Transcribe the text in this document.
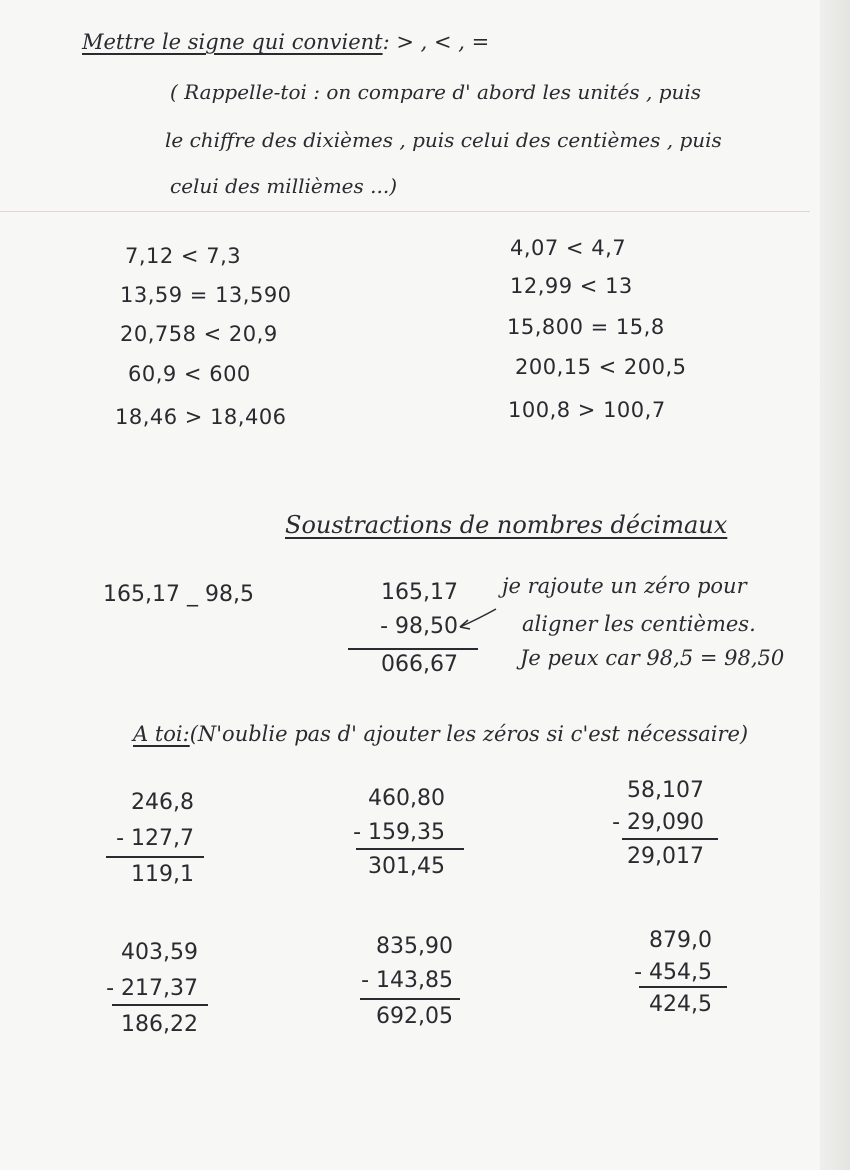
Mettre le signe qui convient: > , < , =
( Rappelle-toi : on compare d' abord les unités , puis
le chiffre des dixièmes , puis celui des centièmes , puis
celui des millièmes ...)
7,12 < 7,3
13,59 = 13,590
20,758 < 20,9
60,9 < 600
18,46 > 18,406
4,07 < 4,7
12,99 < 13
15,800 = 15,8
200,15 < 200,5
100,8 > 100,7
Soustractions de nombres décimaux
165,17 _ 98,5	165,17
- 98,50
066,67
je rajoute un zéro pour
aligner les centièmes.
Je peux car 98,5 = 98,50
A toi:(N'oublie pas d' ajouter les zéros si c'est nécessaire)
246,8
- 127,7
119,1
460,80
- 159,35
301,45
58,107
- 29,090
29,017
403,59
- 217,37
186,22
835,90
- 143,85
692,05
879,0
- 454,5
424,5
